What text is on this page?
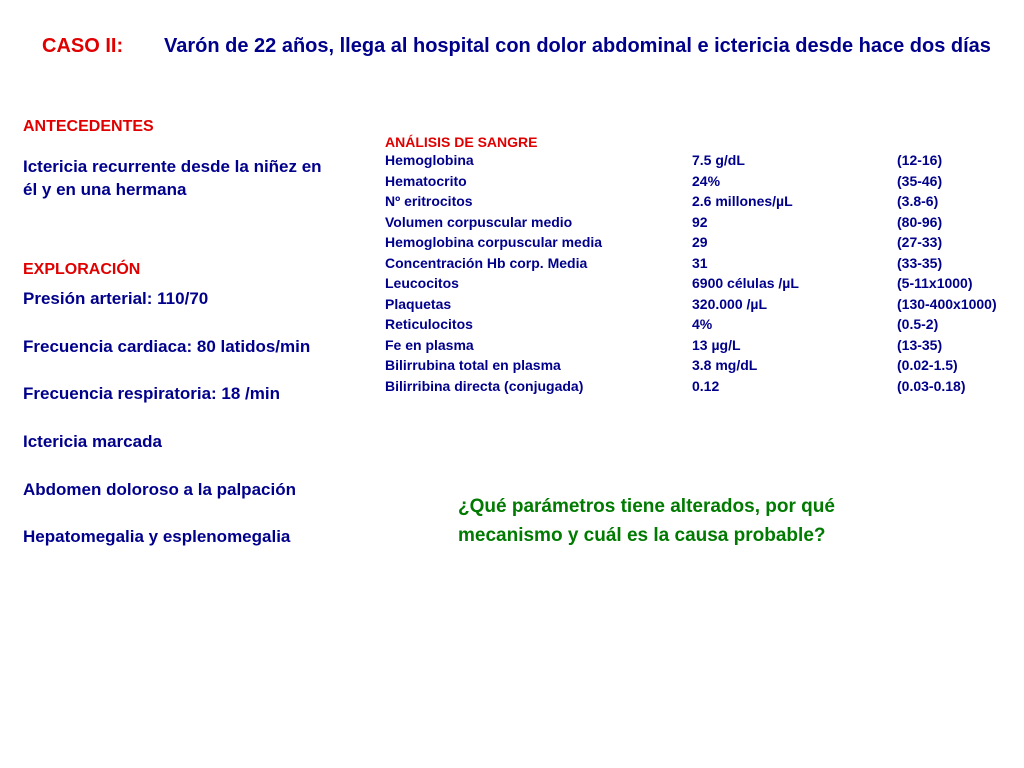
CASO II: Varón de 22 años, llega al hospital con dolor abdominal e ictericia desde hace dos días
ANTECEDENTES
Ictericia recurrente desde la niñez en él y en una hermana
EXPLORACIÓN
Presión arterial: 110/70
Frecuencia cardiaca: 80 latidos/min
Frecuencia respiratoria: 18 /min
Ictericia marcada
Abdomen doloroso a la palpación
Hepatomegalia y esplenomegalia
ANÁLISIS DE SANGRE
Hemoglobina	7.5 g/dL	(12-16)
Hematocrito	24%	(35-46)
Nº eritrocitos	2.6 millones/µL	(3.8-6)
Volumen corpuscular medio	92	(80-96)
Hemoglobina corpuscular media	29	(27-33)
Concentración Hb corp. Media	31	(33-35)
Leucocitos	6900 células /µL	(5-11x1000)
Plaquetas	320.000 /µL	(130-400x1000)
Reticulocitos	4%	(0.5-2)
Fe en plasma	13 µg/L	(13-35)
Bilirrubina total en plasma	3.8 mg/dL	(0.02-1.5)
Bilirribina directa (conjugada)	0.12	(0.03-0.18)
¿Qué parámetros tiene alterados, por qué mecanismo y cuál es la causa probable?
